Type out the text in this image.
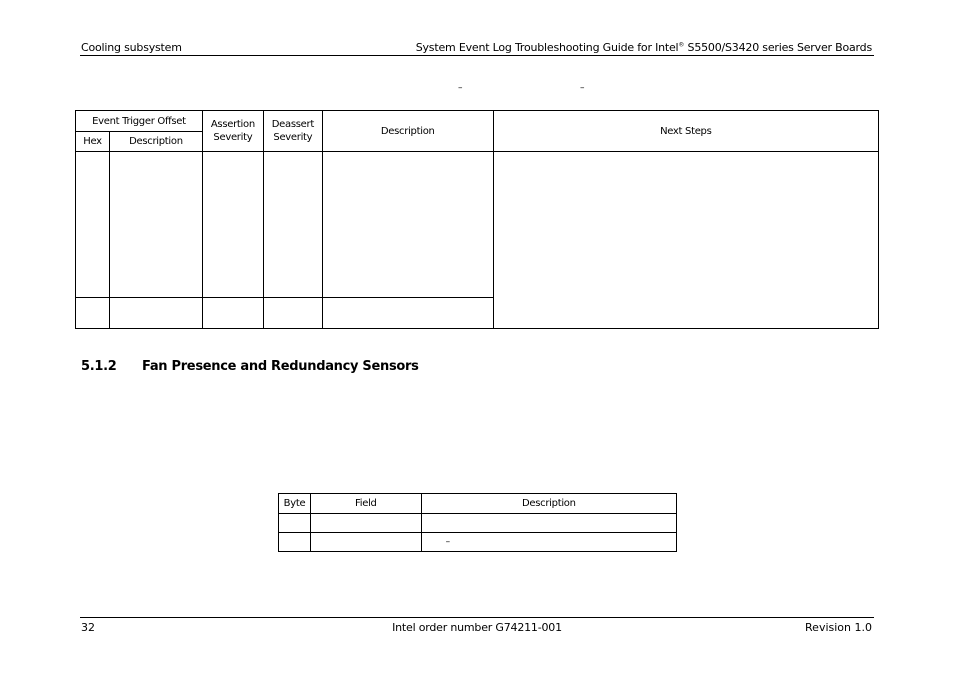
Cooling subsystem	System Event Log Troubleshooting Guide for Intel® S5500/S3420 series Server Boards
–	–
Event Trigger Offset		Assertion Severity	Deassert Severity	Description	Next Steps
Hex	Description				

5.1.2 Fan Presence and Redundancy Sensors
Byte	Field	Description

		–
32	Intel order number G74211-001	Revision 1.0
